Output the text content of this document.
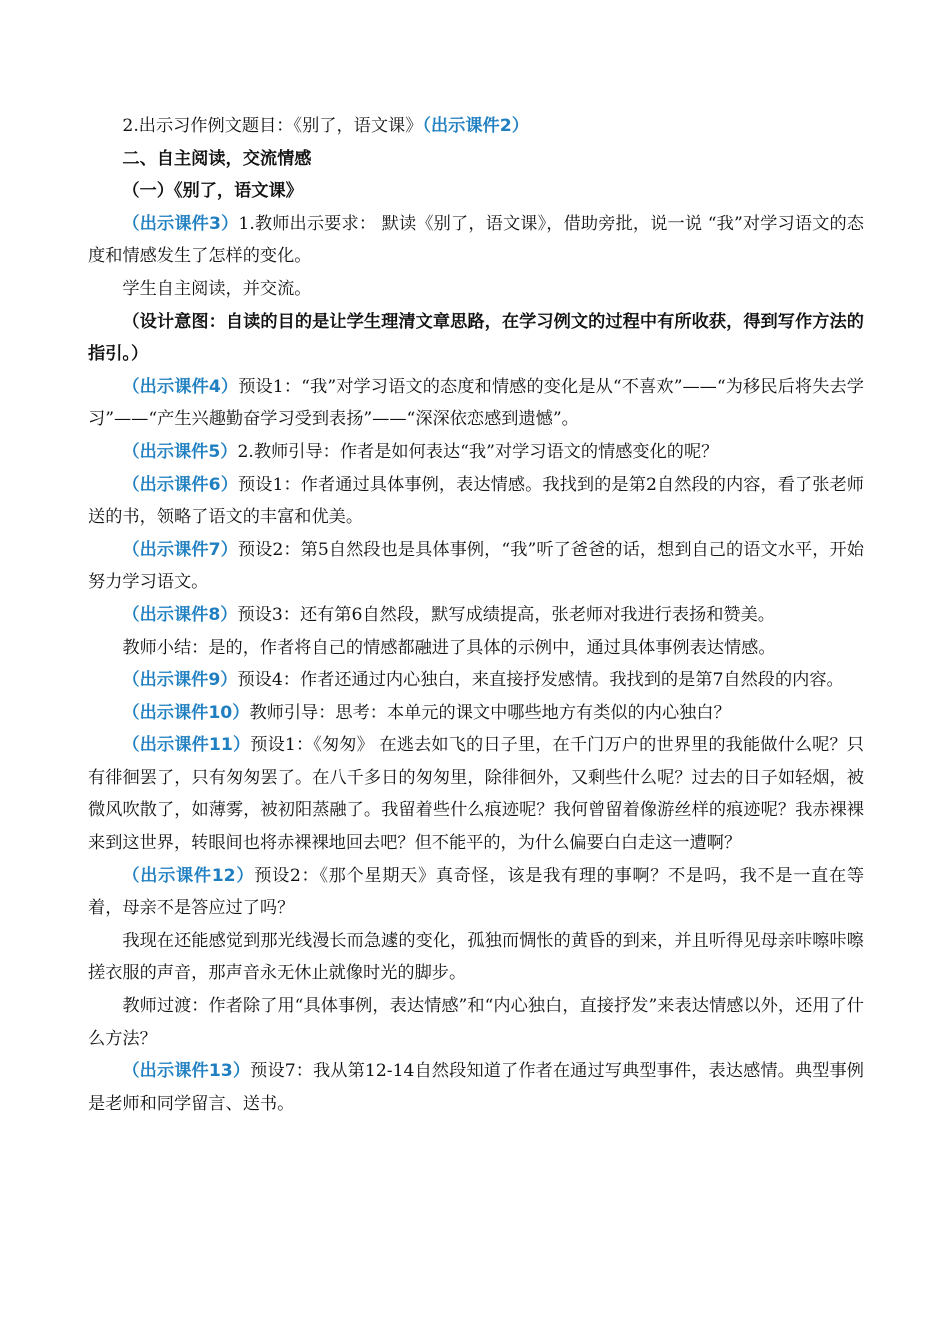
2.出示习作例文题目：《别了，语文课》（出示课件2）

二、自主阅读，交流情感

（一）《别了，语文课》

（出示课件3）1.教师出示要求： 默读《别了，语文课》，借助旁批，说一说 “我”对学习语文的态度和情感发生了怎样的变化。

学生自主阅读，并交流。

（设计意图：自读的目的是让学生理清文章思路，在学习例文的过程中有所收获，得到写作方法的指引。）

（出示课件4）预设1：“我”对学习语文的态度和情感的变化是从“不喜欢”——“为移民后将失去学习”——“产生兴趣勤奋学习受到表扬”——“深深依恋感到遗憾”。

（出示课件5）2.教师引导：作者是如何表达“我”对学习语文的情感变化的呢？

（出示课件6）预设1：作者通过具体事例，表达情感。我找到的是第2自然段的内容，看了张老师送的书，领略了语文的丰富和优美。

（出示课件7）预设2：第5自然段也是具体事例，“我”听了爸爸的话，想到自己的语文水平，开始努力学习语文。

（出示课件8）预设3：还有第6自然段，默写成绩提高，张老师对我进行表扬和赞美。

教师小结：是的，作者将自己的情感都融进了具体的示例中，通过具体事例表达情感。

（出示课件9）预设4：作者还通过内心独白，来直接抒发感情。我找到的是第7自然段的内容。

（出示课件10）教师引导：思考：本单元的课文中哪些地方有类似的内心独白？

（出示课件11）预设1：《匆匆》 在逃去如飞的日子里，在千门万户的世界里的我能做什么呢？只有徘徊罢了，只有匆匆罢了。在八千多日的匆匆里，除徘徊外，又剩些什么呢？过去的日子如轻烟，被微风吹散了，如薄雾，被初阳蒸融了。我留着些什么痕迹呢？我何曾留着像游丝样的痕迹呢？我赤裸裸来到这世界，转眼间也将赤裸裸地回去吧？但不能平的，为什么偏要白白走这一遭啊？

（出示课件12）预设2：《那个星期天》真奇怪，该是我有理的事啊？不是吗，我不是一直在等着，母亲不是答应过了吗？

我现在还能感觉到那光线漫长而急遽的变化，孤独而惆怅的黄昏的到来，并且听得见母亲咔嚓咔嚓搓衣服的声音，那声音永无休止就像时光的脚步。

教师过渡：作者除了用“具体事例，表达情感”和“内心独白，直接抒发”来表达情感以外，还用了什么方法？

（出示课件13）预设7：我从第12-14自然段知道了作者在通过写典型事件，表达感情。典型事例是老师和同学留言、送书。
